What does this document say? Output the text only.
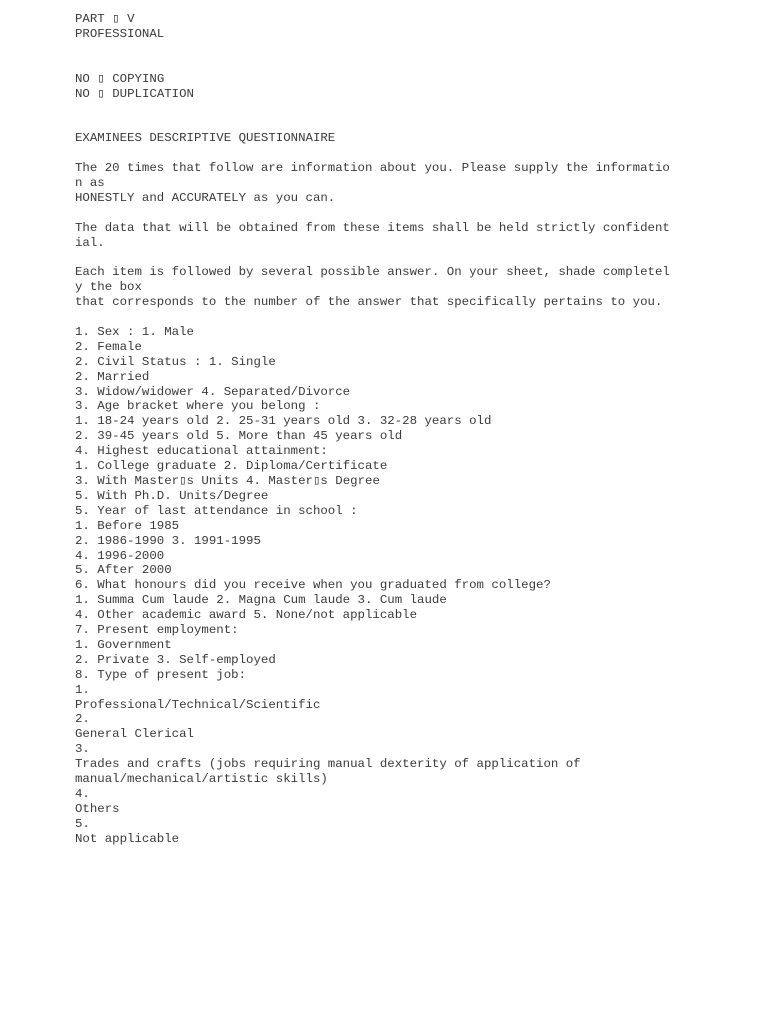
PART ▯ V
PROFESSIONAL
NO ▯ COPYING
NO ▯ DUPLICATION
EXAMINEES DESCRIPTIVE QUESTIONNAIRE
The 20 times that follow are information about you. Please supply the informatio
n as
HONESTLY and ACCURATELY as you can.
The data that will be obtained from these items shall be held strictly confident
ial.
Each item is followed by several possible answer. On your sheet, shade completel
y the box
that corresponds to the number of the answer that specifically pertains to you.
1. Sex : 1. Male
2. Female
2. Civil Status : 1. Single
2. Married
3. Widow/widower 4. Separated/Divorce
3. Age bracket where you belong :
1. 18-24 years old 2. 25-31 years old 3. 32-28 years old
2. 39-45 years old 5. More than 45 years old
4. Highest educational attainment:
1. College graduate 2. Diploma/Certificate
3. With Master▯s Units 4. Master▯s Degree
5. With Ph.D. Units/Degree
5. Year of last attendance in school :
1. Before 1985
2. 1986-1990 3. 1991-1995
4. 1996-2000
5. After 2000
6. What honours did you receive when you graduated from college?
1. Summa Cum laude 2. Magna Cum laude 3. Cum laude
4. Other academic award 5. None/not applicable
7. Present employment:
1. Government
2. Private 3. Self-employed
8. Type of present job:
1.
Professional/Technical/Scientific
2.
General Clerical
3.
Trades and crafts (jobs requiring manual dexterity of application of
manual/mechanical/artistic skills)
4.
Others
5.
Not applicable
